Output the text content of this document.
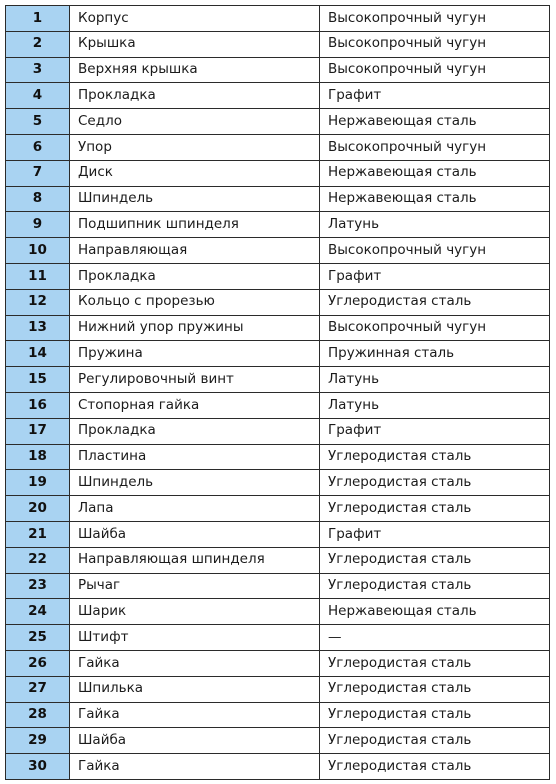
1	Корпус	Высокопрочный чугун
2	Крышка	Высокопрочный чугун
3	Верхняя крышка	Высокопрочный чугун
4	Прокладка	Графит
5	Седло	Нержавеющая сталь
6	Упор	Высокопрочный чугун
7	Диск	Нержавеющая сталь
8	Шпиндель	Нержавеющая сталь
9	Подшипник шпинделя	Латунь
10	Направляющая	Высокопрочный чугун
11	Прокладка	Графит
12	Кольцо с прорезью	Углеродистая сталь
13	Нижний упор пружины	Высокопрочный чугун
14	Пружина	Пружинная сталь
15	Регулировочный винт	Латунь
16	Стопорная гайка	Латунь
17	Прокладка	Графит
18	Пластина	Углеродистая сталь
19	Шпиндель	Углеродистая сталь
20	Лапа	Углеродистая сталь
21	Шайба	Графит
22	Направляющая шпинделя	Углеродистая сталь
23	Рычаг	Углеродистая сталь
24	Шарик	Нержавеющая сталь
25	Штифт	—
26	Гайка	Углеродистая сталь
27	Шпилька	Углеродистая сталь
28	Гайка	Углеродистая сталь
29	Шайба	Углеродистая сталь
30	Гайка	Углеродистая сталь
